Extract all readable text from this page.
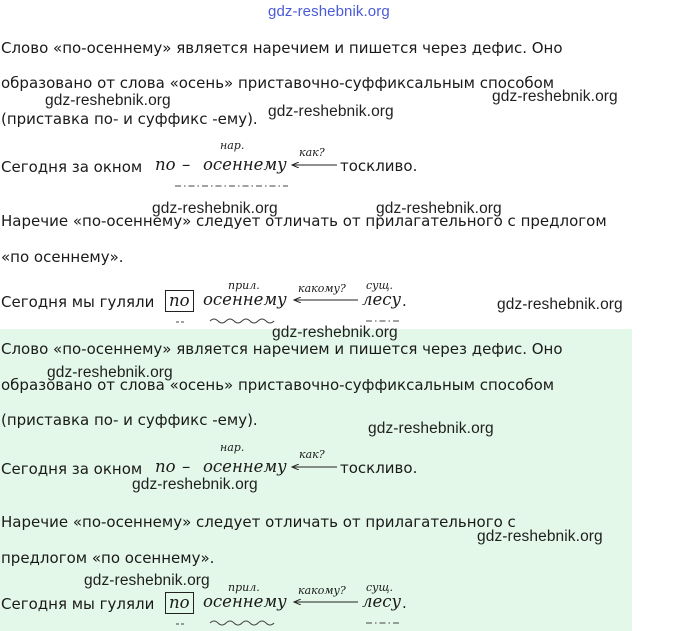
gdz-reshebnik.org
Слово «по-осеннему» является наречием и пишется через дефис. Оно
образовано от слова «осень» приставочно-суффиксальным способом
(приставка по- и суффикс -ему).
Сегодня за окном по – осеннему
нар.
как?
тоскливо.
Наречие «по-осеннему» следует отличать от прилагательного с предлогом
«по осеннему».
Сегодня мы гуляли по осеннему	лесу .
прил.	какому? сущ.
Слово «по-осеннему» является наречием и пишется через дефис. Оно
образовано от слова «осень» приставочно-суффиксальным способом
(приставка по- и суффикс -ему).
Сегодня за окном по – осеннему
нар.
как?
тоскливо.
Наречие «по-осеннему» следует отличать от прилагательного с
предлогом «по осеннему».
Сегодня мы гуляли по осеннему	лесу .
прил.	какому? сущ.
gdz-reshebnik.org
gdz-reshebnik.org
gdz-reshebnik.org
gdz-reshebnik.org	gdz-reshebnik.org
gdz-reshebnik.org
gdz-reshebnik.org
gdz-reshebnik.org
gdz-reshebnik.org
gdz-reshebnik.org
gdz-reshebnik.org
gdz-reshebnik.org
